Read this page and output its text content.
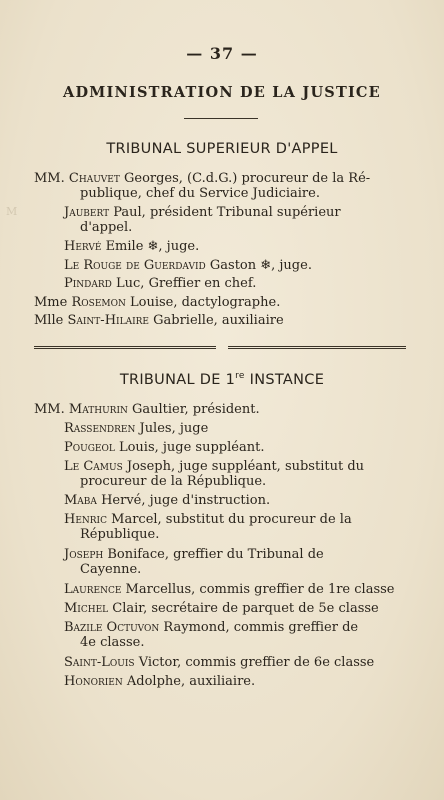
M
— 37 —
ADMINISTRATION DE LA JUSTICE
TRIBUNAL SUPERIEUR D'APPEL
MM. Chauvet Georges, (C.d.G.) procureur de la Ré-
publique, chef du Service Judiciaire.
Jaubert Paul, président Tribunal supérieur
d'appel.
Hervé Emile ❄, juge.
Le Rouge de Guerdavid Gaston ❄, juge.
Pindard Luc, Greffier en chef.
Mme Rosemon Louise, dactylographe.
Mlle Saint-Hilaire Gabrielle, auxiliaire
TRIBUNAL DE 1re INSTANCE
MM. Mathurin Gaultier, président.
Rassendren Jules, juge
Pougeol Louis, juge suppléant.
Le Camus Joseph, juge suppléant, substitut du
procureur de la République.
Maba Hervé, juge d'instruction.
Henric Marcel, substitut du procureur de la
République.
Joseph Boniface, greffier du Tribunal de
Cayenne.
Laurence Marcellus, commis greffier de 1re classe
Michel Clair, secrétaire de parquet de 5e classe
Bazile Octuvon Raymond, commis greffier de
4e classe.
Saint-Louis Victor, commis greffier de 6e classe
Honorien Adolphe, auxiliaire.
